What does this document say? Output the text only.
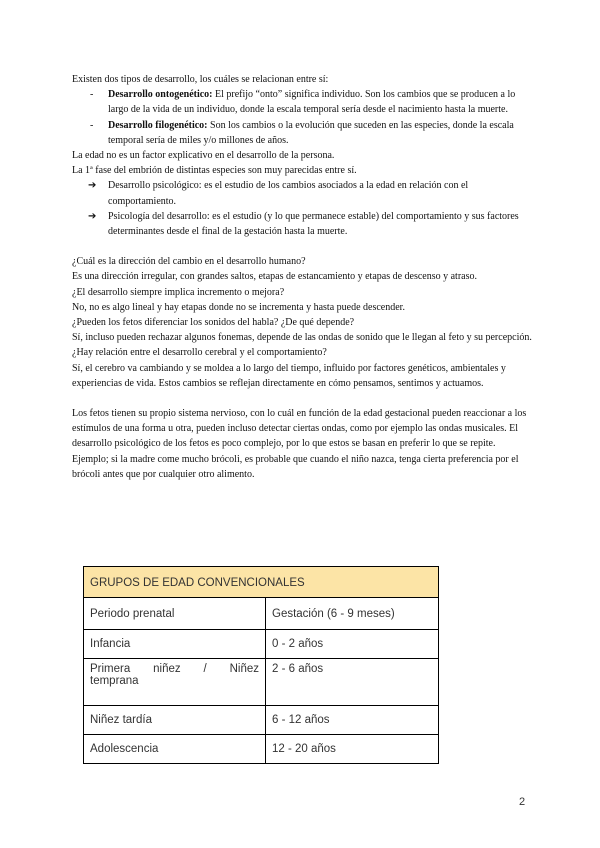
Existen dos tipos de desarrollo, los cuáles se relacionan entre sí:

- Desarrollo ontogenético: El prefijo “onto” significa individuo. Son los cambios que se producen a lo largo de la vida de un individuo, donde la escala temporal sería desde el nacimiento hasta la muerte.
- Desarrollo filogenético: Son los cambios o la evolución que suceden en las especies, donde la escala temporal sería de miles y/o millones de años.

La edad no es un factor explicativo en el desarrollo de la persona.

La 1ª fase del embrión de distintas especies son muy parecidas entre sí.

➔ Desarrollo psicológico: es el estudio de los cambios asociados a la edad en relación con el comportamiento.
➔ Psicología del desarrollo: es el estudio (y lo que permanece estable) del comportamiento y sus factores determinantes desde el final de la gestación hasta la muerte.

¿Cuál es la dirección del cambio en el desarrollo humano?

Es una dirección irregular, con grandes saltos, etapas de estancamiento y etapas de descenso y atraso.

¿El desarrollo siempre implica incremento o mejora?

No, no es algo lineal y hay etapas donde no se incrementa y hasta puede descender.

¿Pueden los fetos diferenciar los sonidos del habla? ¿De qué depende?

Sí, incluso pueden rechazar algunos fonemas, depende de las ondas de sonido que le llegan al feto y su percepción.

¿Hay relación entre el desarrollo cerebral y el comportamiento?

Sí, el cerebro va cambiando y se moldea a lo largo del tiempo, influido por factores genéticos, ambientales y experiencias de vida. Estos cambios se reflejan directamente en cómo pensamos, sentimos y actuamos.

Los fetos tienen su propio sistema nervioso, con lo cuál en función de la edad gestacional pueden reaccionar a los estímulos de una forma u otra, pueden incluso detectar ciertas ondas, como por ejemplo las ondas musicales. El desarrollo psicológico de los fetos es poco complejo, por lo que estos se basan en preferir lo que se repite.

Ejemplo; si la madre come mucho brócoli, es probable que cuando el niño nazca, tenga cierta preferencia por el brócoli antes que por cualquier otro alimento.

GRUPOS DE EDAD CONVENCIONALES	
Periodo prenatal	Gestación (6 - 9 meses)
Infancia	0 - 2 años

Primera niñez / Niñez
temprana	2 - 6 años
Niñez tardía	6 - 12 años
Adolescencia	12 - 20 años
2
